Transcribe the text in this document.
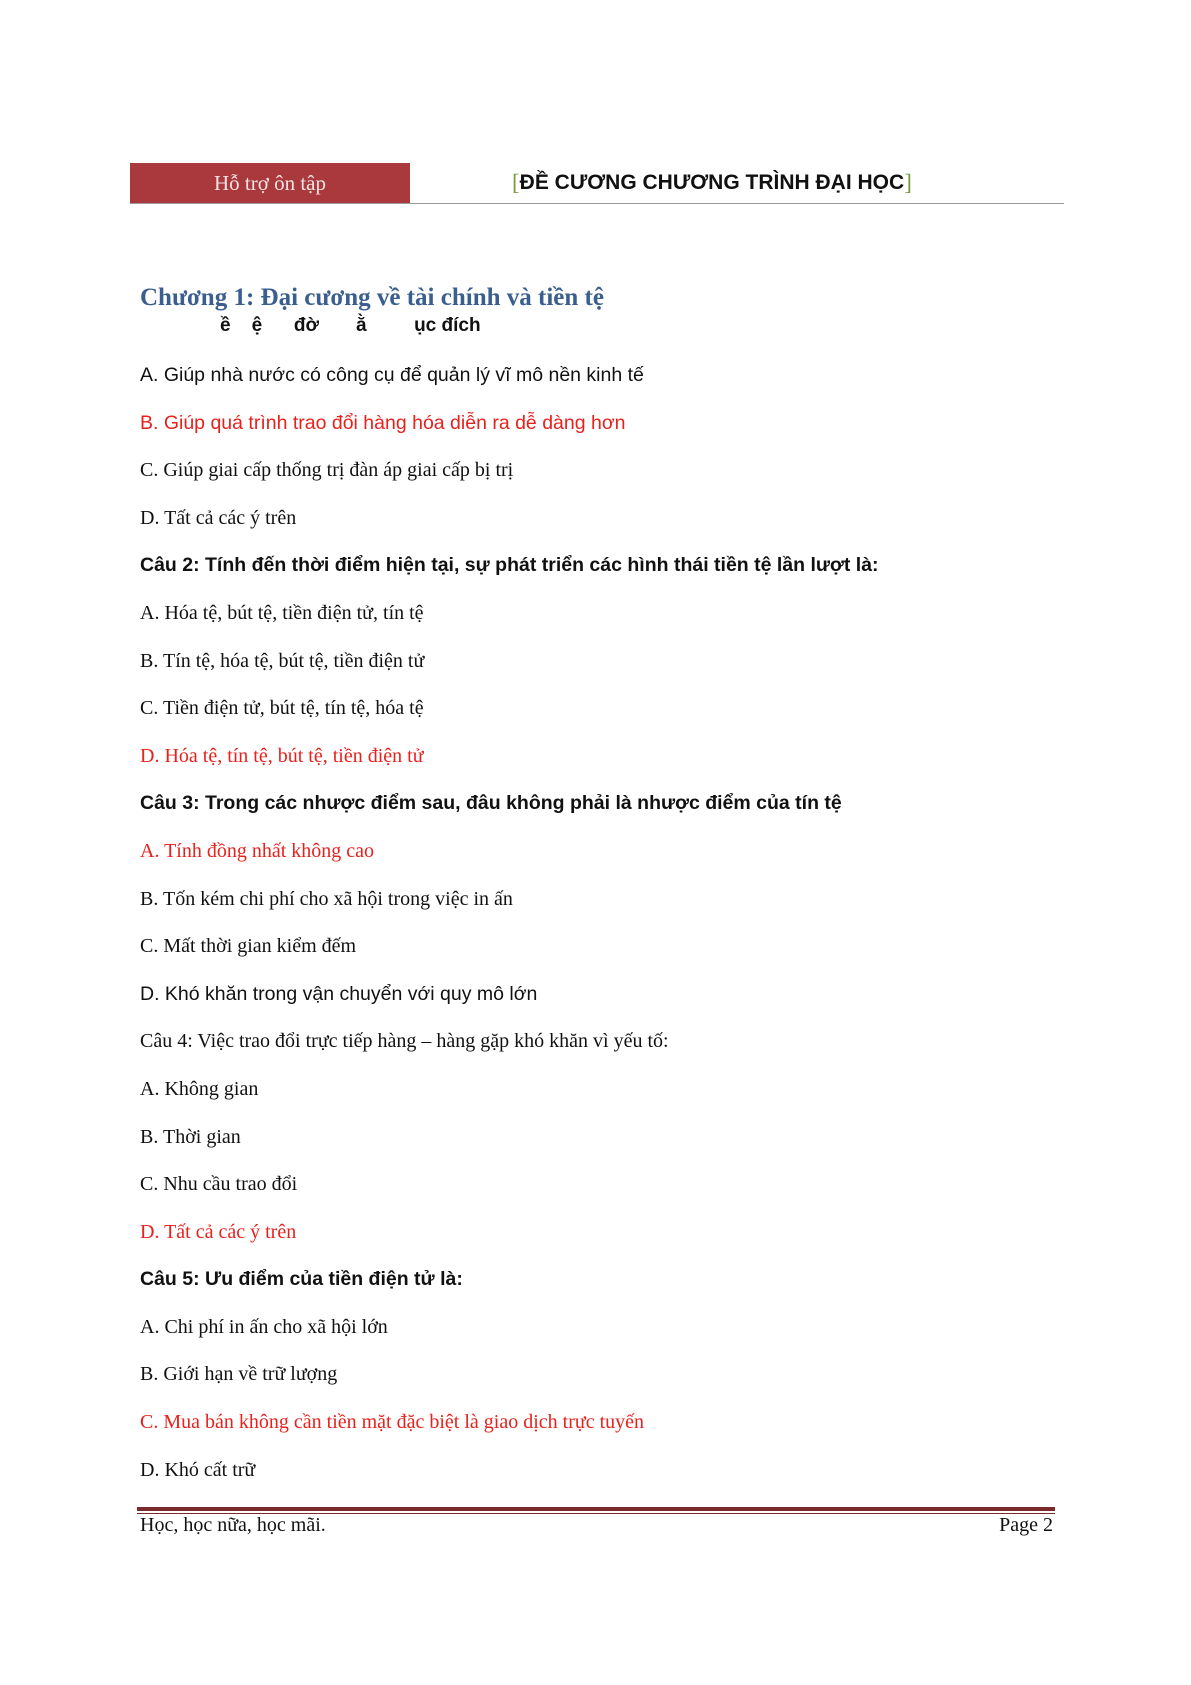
Hỗ trợ ôn tập	[ ĐỀ CƯƠNG CHƯƠNG TRÌNH ĐẠI HỌC ]
Chương 1: Đại cương về tài chính và tiền tệ
ề    ệ      đờ       ằ         ục đích
A. Giúp nhà nước có công cụ để quản lý vĩ mô nền kinh tế
B. Giúp quá trình trao đổi hàng hóa diễn ra dễ dàng hơn
C. Giúp giai cấp thống trị đàn áp giai cấp bị trị
D. Tất cả các ý trên
Câu 2: Tính đến thời điểm hiện tại, sự phát triển các hình thái tiền tệ lần lượt là:
A. Hóa tệ, bút tệ, tiền điện tử, tín tệ
B. Tín tệ, hóa tệ, bút tệ, tiền điện tử
C. Tiền điện tử, bút tệ, tín tệ, hóa tệ
D. Hóa tệ, tín tệ, bút tệ, tiền điện tử
Câu 3: Trong các nhược điểm sau, đâu không phải là nhược điểm của tín tệ
A. Tính đồng nhất không cao
B. Tốn kém chi phí cho xã hội trong việc in ấn
C. Mất thời gian kiểm đếm
D. Khó khăn trong vận chuyển với quy mô lớn
Câu 4: Việc trao đổi trực tiếp hàng – hàng gặp khó khăn vì yếu tố:
A. Không gian
B. Thời gian
C. Nhu cầu trao đổi
D. Tất cả các ý trên
Câu 5: Ưu điểm của tiền điện tử là:
A. Chi phí in ấn cho xã hội lớn
B. Giới hạn về trữ lượng
C. Mua bán không cần tiền mặt đặc biệt là giao dịch trực tuyến
D. Khó cất trữ
Học, học nữa, học mãi.	Page 2
